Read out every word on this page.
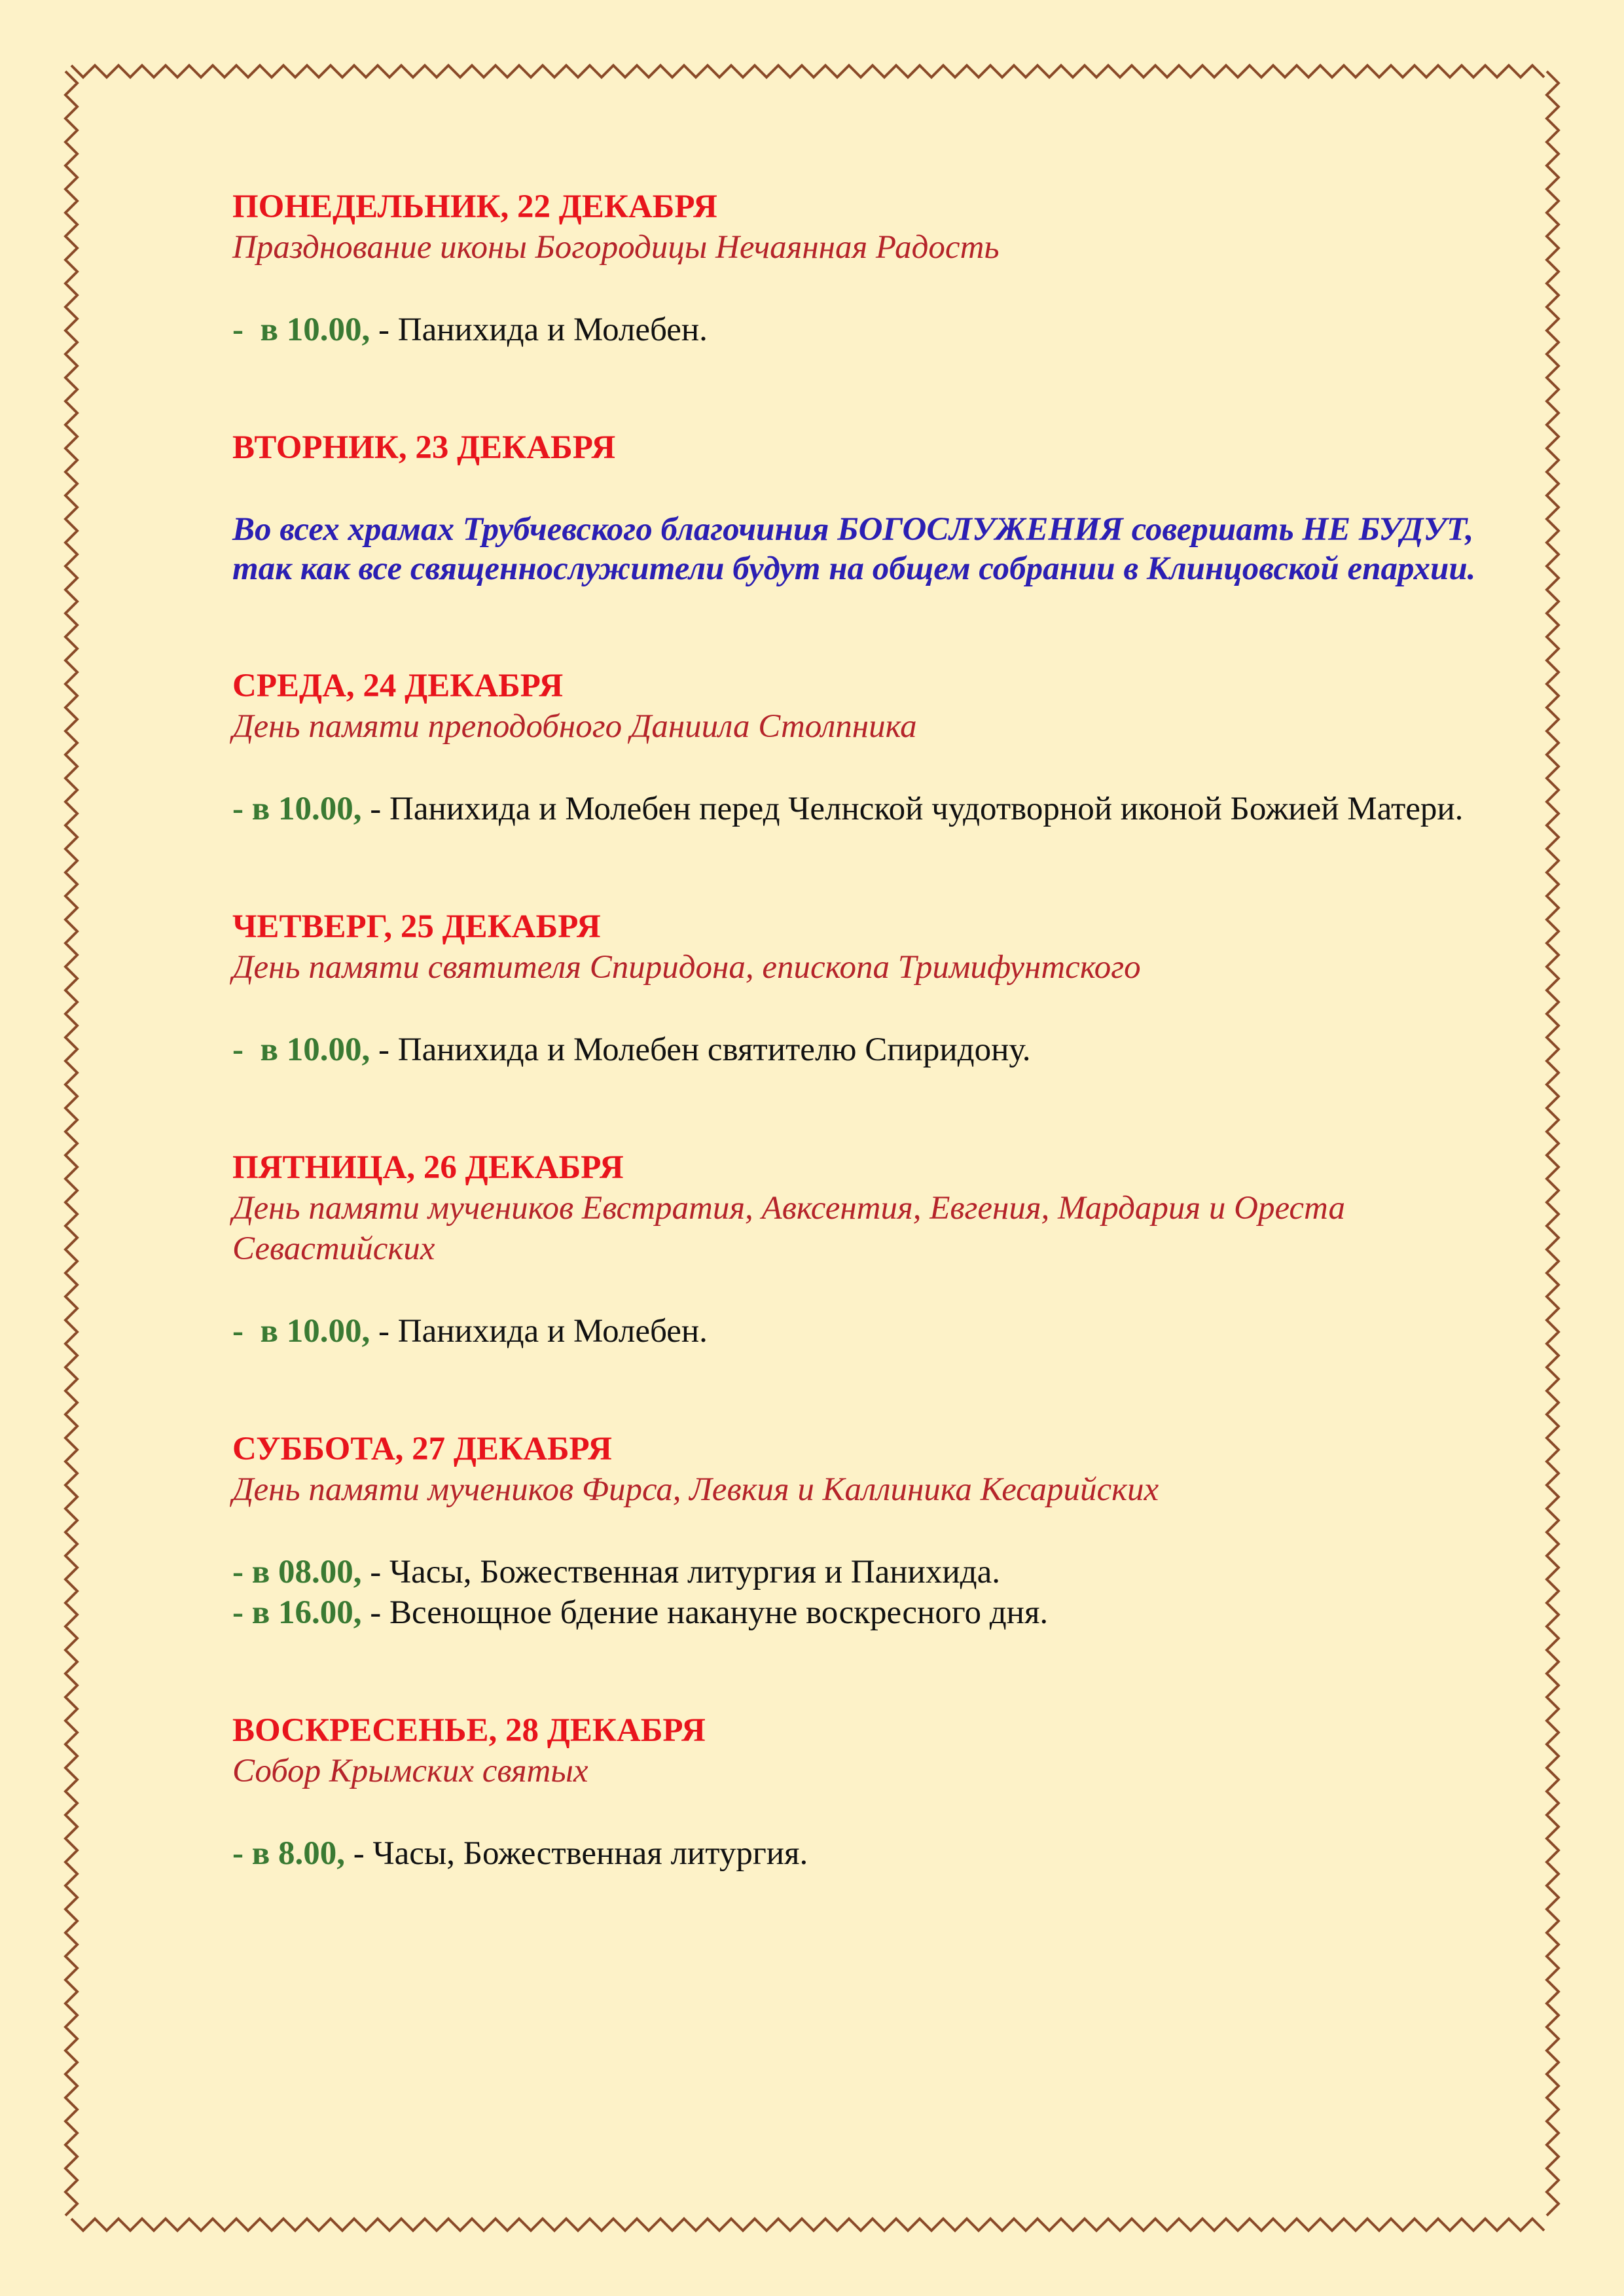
ПОНЕДЕЛЬНИК, 22 ДЕКАБРЯ

Празднование иконы Богородицы Нечаянная Радость

-  в 10.00, - Панихида и Молебен.

ВТОРНИК, 23 ДЕКАБРЯ

Во всех храмах Трубчевского благочиния БОГОСЛУЖЕНИЯ совершать НЕ БУДУТ, так как все священнослужители будут на общем собрании в Клинцовской епархии.

СРЕДА, 24 ДЕКАБРЯ

День памяти преподобного Даниила Столпника

- в 10.00, - Панихида и Молебен перед Челнской чудотворной иконой Божией Матери.

ЧЕТВЕРГ, 25 ДЕКАБРЯ

День памяти святителя Спиридона, епископа Тримифунтского

-  в 10.00, - Панихида и Молебен святителю Спиридону.

ПЯТНИЦА, 26 ДЕКАБРЯ

День памяти мучеников Евстратия, Авксентия, Евгения, Мардария и Ореста Севастийских

-  в 10.00, - Панихида и Молебен.

СУББОТА, 27 ДЕКАБРЯ

День памяти мучеников Фирса, Левкия и Каллиника Кесарийских

- в 08.00, - Часы, Божественная литургия и Панихида.

- в 16.00, - Всенощное бдение накануне воскресного дня.

ВОСКРЕСЕНЬЕ, 28 ДЕКАБРЯ

Собор Крымских святых

- в 8.00, - Часы, Божественная литургия.
